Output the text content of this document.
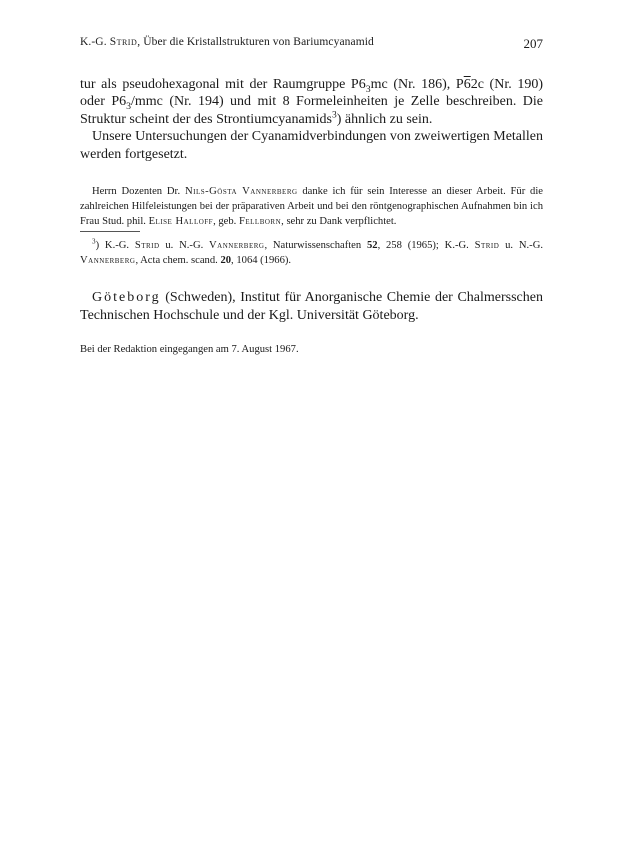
K.-G. Strid, Über die Kristallstrukturen von Bariumcyanamid	207

tur als pseudohexagonal mit der Raumgruppe $P6_3mc$ (Nr. 186), P62c (Nr. 190) oder $P6_3$/mmc (Nr. 194) und mit 8 Formeleinheiten je Zelle beschreiben. Die Struktur scheint der des Strontiumcyanamids$^3$) ähnlich zu sein.

Unsere Untersuchungen der Cyanamidverbindungen von zweiwertigen Metallen werden fortgesetzt.

Herrn Dozenten Dr. Nils-Gösta Vannerberg danke ich für sein Interesse an dieser Arbeit. Für die zahlreichen Hilfeleistungen bei der präparativen Arbeit und bei den röntgenographischen Aufnahmen bin ich Frau Stud. phil. Elise Halloff, geb. Fellborn, sehr zu Dank verpflichtet.
$^3$) K.-G. Strid u. N.-G. Vannerberg, Naturwissenschaften 52, 258 (1965); K.-G. Strid u. N.-G. Vannerberg, Acta chem. scand. 20, 1064 (1966).
Göteborg (Schweden), Institut für Anorganische Chemie der Chalmersschen Technischen Hochschule und der Kgl. Universität Göteborg.
Bei der Redaktion eingegangen am 7. August 1967.
